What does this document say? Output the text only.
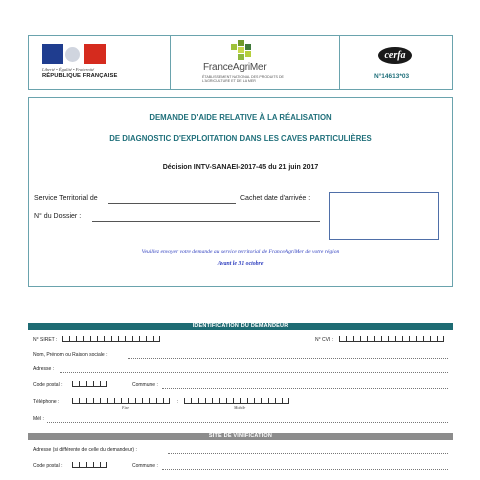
Liberté • Égalité • Fraternité
RÉPUBLIQUE FRANÇAISE
FranceAgriMer
ÉTABLISSEMENT NATIONAL DES PRODUITS DE L'AGRICULTURE ET DE LA MER
cerfa
N°14613*03
DEMANDE D'AIDE RELATIVE À LA RÉALISATION
DE DIAGNOSTIC D'EXPLOITATION DANS LES CAVES PARTICULIÈRES
Décision INTV-SANAEI-2017-45 du 21 juin 2017
Service Territorial de	Cachet date d'arrivée :
N° du Dossier :
Veuillez envoyer votre demande au service territorial de FranceAgriMer de votre région
Avant le 31 octobre
IDENTIFICATION DU DEMANDEUR
N° SIRET :	N° CVI :
Nom, Prénom ou Raison sociale :
Adresse :
Code postal :	Commune :
Téléphone :	:
Fixe	Mobile
Mél :
SITE DE VINIFICATION
Adresse (si différente de celle du demandeur) :
Code postal :	Commune :
